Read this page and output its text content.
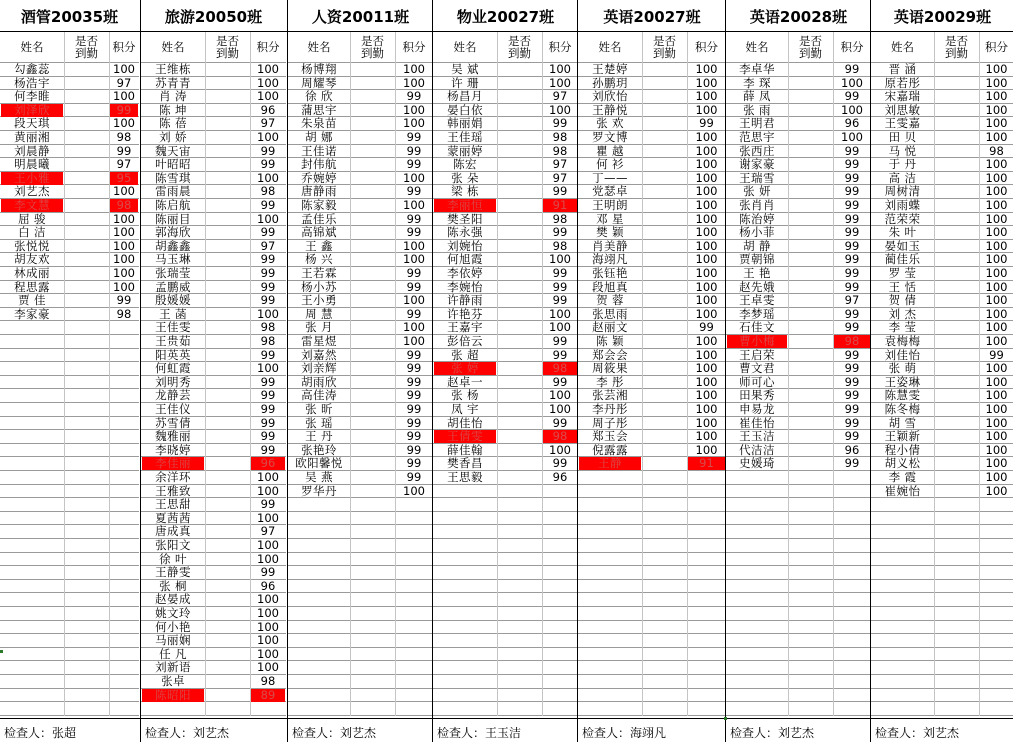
酒管20035班
姓名	是否
到勤	积分
勾鑫蕊	100
杨浩宇	97
何李睢	100
刘泽欣	99
段天琪	100
黄丽湘	98
刘晨静	99
明晨曦	97
王小雅	95
刘艺杰	100
李文慧	98
屈 骏	100
白 洁	100
张悦悦	100
胡友欢	100
林成丽	100
程思露	100
贾 佳	99
李家豪	98
检查人：张超
旅游20050班
姓名	是否
到勤	积分
王维栋	100
苏青青	100
肖 涛	100
陈 坤	96
陈 蓓	97
刘 娇	100
魏天宙	99
叶昭昭	99
陈雪琪	100
雷雨晨	98
陈启航	99
陈丽目	100
郭海欣	99
胡鑫鑫	97
马玉琳	99
张瑞莹	99
孟鹏威	99
殷媛媛	99
王 菡	100
王佳雯	98
王贵茹	98
阳英英	99
何虹霞	100
刘明秀	99
龙静芸	99
王佳仪	99
苏雪倩	99
魏雅丽	99
李晓婷	99
李佳丽	96
余洋环	100
王雅致	100
王思甜	99
夏茜茜	100
唐成真	97
张阳文	100
徐 叶	100
王静雯	99
张 桐	96
赵晏成	100
姚文玲	100
何小艳	100
马丽娴	100
任 凡	100
刘新语	100
张卓	98
陈昭阳	89
检查人：刘艺杰
人资20011班
姓名	是否
到勤	积分
杨博翔	100
周耀琴	100
徐 欣	99
蒲思宇	100
朱泉苗	100
胡 娜	99
王佳诺	99
封伟航	99
乔婉婷	100
唐静雨	99
陈家毅	100
孟佳乐	99
高锦斌	99
王 鑫	100
杨 兴	100
王若霖	99
杨小苏	99
王小勇	100
周 慧	99
张 月	100
雷星煜	100
刘嘉然	99
刘亲辉	99
胡雨欣	99
高佳涛	99
张 昕	99
张 瑶	99
王 丹	99
张艳玲	99
欧阳馨悦	99
吴 燕	99
罗华丹	100
检查人：刘艺杰
物业20027班
姓名	是否
到勤	积分
吴 斌	100
许 珊	100
杨昌月	97
晏白依	100
韩丽娟	99
王佳瑶	98
蒙丽婷	98
陈宏	97
张 朵	97
梁 栋	99
李丽恒	91
樊圣阳	98
陈永强	99
刘婉怡	98
何旭霞	100
李依婷	99
李婉怡	99
许静雨	99
许艳芬	100
王嘉宇	100
彭倍云	99
张 超	99
张 婷	98
赵卓一	99
张 杨	100
凤 宇	100
胡佳怡	99
王倩雯	98
薛佳翰	100
樊香昌	99
王思毅	96
检查人：王玉洁
英语20027班
姓名	是否
到勤	积分
王楚婷	100
孙鹏玥	100
刘欣怡	100
王静悦	100
张 欢	99
罗文博	100
瞿 越	100
何 衫	100
丁——	100
党瑟卓	100
王明朗	100
邓 星	100
樊 颖	100
肖美静	100
海翊凡	100
张钰艳	100
段旭真	100
贺 蓉	100
张思雨	100
赵丽文	99
陈 颖	100
郑会会	100
周筱果	100
李 彤	100
张芸湘	100
李丹彤	100
周子彤	100
郑玉会	100
倪露露	100
王静	91
检查人：海翊凡
英语20028班
姓名	是否
到勤	积分
李卓华	99
李 琛	100
薛 凤	99
张 雨	100
王明君	96
范思宇	100
张西庄	99
谢家豪	99
王瑞雪	99
张 妍	99
张肖肖	99
陈治婷	99
杨小菲	99
胡 静	99
贾朝锦	99
王 艳	99
赵先娥	99
王卓雯	97
李梦瑶	99
石佳文	99
曹小梅	98
王启荣	99
曹文君	99
师可心	99
田果秀	99
申易龙	99
崔佳怡	99
王玉洁	99
代洁洁	96
史媛琦	99
检查人：刘艺杰
英语20029班
姓名	是否
到勤	积分
晋 涵	100
原若彤	100
宋嘉瑞	100
刘思敏	100
王雯嘉	100
田 贝	100
马 悦	98
于 丹	100
高 洁	100
周树清	100
刘雨蝶	100
范荣荣	100
朱 叶	100
晏如玉	100
蔺佳乐	100
罗 莹	100
王 恬	100
贺 倩	100
刘 杰	100
李 莹	100
袁梅梅	100
刘佳怡	99
张 萌	100
王姿琳	100
陈慧雯	100
陈冬梅	100
胡 雪	100
王颖新	100
程小倩	100
胡义松	100
李 霞	100
崔婉怡	100
检查人：刘艺杰
